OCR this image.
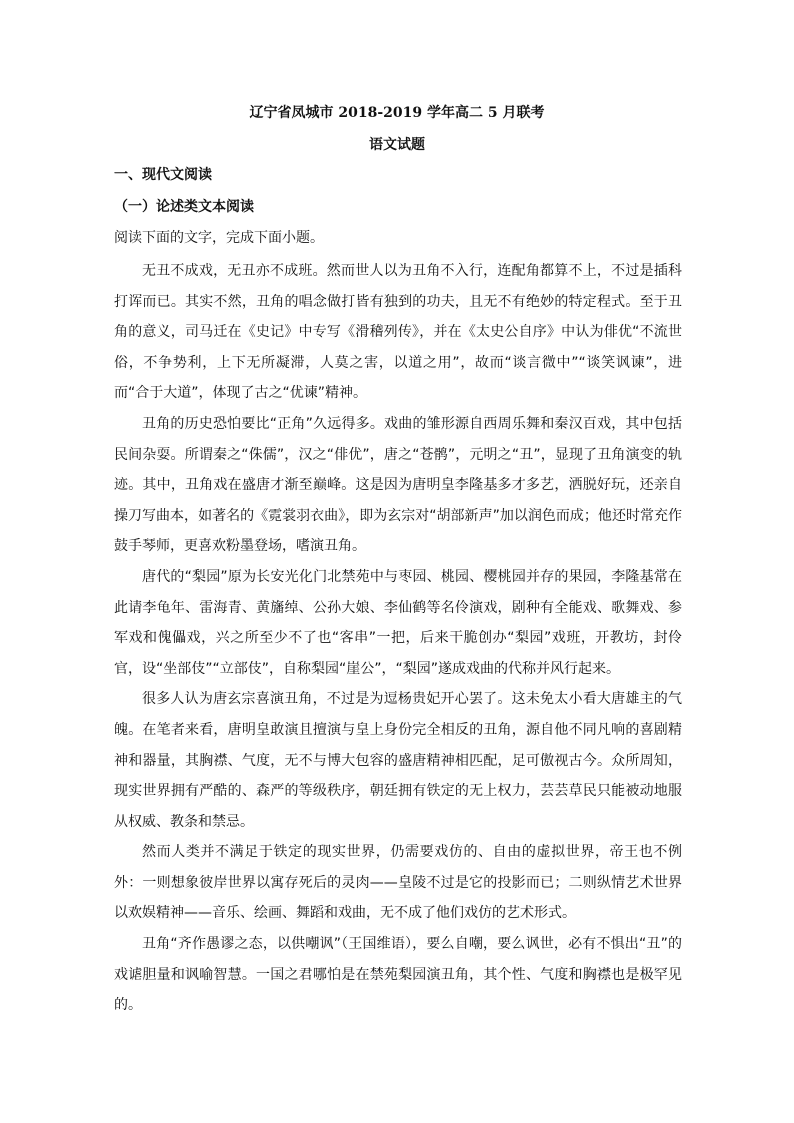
辽宁省凤城市 2018-2019 学年高二 5 月联考
语文试题
一、现代文阅读
（一）论述类文本阅读
阅读下面的文字，完成下面小题。

无丑不成戏，无丑亦不成班。然而世人以为丑角不入行，连配角都算不上，不过是插科打诨而已。其实不然，丑角的唱念做打皆有独到的功夫，且无不有绝妙的特定程式。至于丑角的意义，司马迁在《史记》中专写《滑稽列传》，并在《太史公自序》中认为俳优“不流世俗，不争势利，上下无所凝滞，人莫之害，以道之用”，故而“谈言微中”“谈笑讽谏”，进而“合于大道”，体现了古之“优谏”精神。

丑角的历史恐怕要比“正角”久远得多。戏曲的雏形源自西周乐舞和秦汉百戏，其中包括民间杂耍。所谓秦之“侏儒”，汉之“俳优”，唐之“苍鹘”，元明之“丑”，显现了丑角演变的轨迹。其中，丑角戏在盛唐才渐至巅峰。这是因为唐明皇李隆基多才多艺，洒脱好玩，还亲自操刀写曲本，如著名的《霓裳羽衣曲》，即为玄宗对“胡部新声”加以润色而成；他还时常充作鼓手琴师，更喜欢粉墨登场，嗜演丑角。

唐代的“梨园”原为长安光化门北禁苑中与枣园、桃园、樱桃园并存的果园，李隆基常在此请李龟年、雷海青、黄旛绰、公孙大娘、李仙鹤等名伶演戏，剧种有全能戏、歌舞戏、参军戏和傀儡戏，兴之所至少不了也“客串”一把，后来干脆创办“梨园”戏班，开教坊，封伶官，设“坐部伎”“立部伎”，自称梨园“崖公”，“梨园”遂成戏曲的代称并风行起来。

很多人认为唐玄宗喜演丑角，不过是为逗杨贵妃开心罢了。这未免太小看大唐雄主的气魄。在笔者来看，唐明皇敢演且擅演与皇上身份完全相反的丑角，源自他不同凡响的喜剧精神和器量，其胸襟、气度，无不与博大包容的盛唐精神相匹配，足可傲视古今。众所周知，现实世界拥有严酷的、森严的等级秩序，朝廷拥有铁定的无上权力，芸芸草民只能被动地服从权威、教条和禁忌。

然而人类并不满足于铁定的现实世界，仍需要戏仿的、自由的虚拟世界，帝王也不例外：一则想象彼岸世界以寓存死后的灵肉——皇陵不过是它的投影而已；二则纵情艺术世界以欢娱精神——音乐、绘画、舞蹈和戏曲，无不成了他们戏仿的艺术形式。

丑角“齐作愚谬之态，以供嘲讽”（王国维语），要么自嘲，要么讽世，必有不惧出“丑”的戏谑胆量和讽喻智慧。一国之君哪怕是在禁苑梨园演丑角，其个性、气度和胸襟也是极罕见的。
